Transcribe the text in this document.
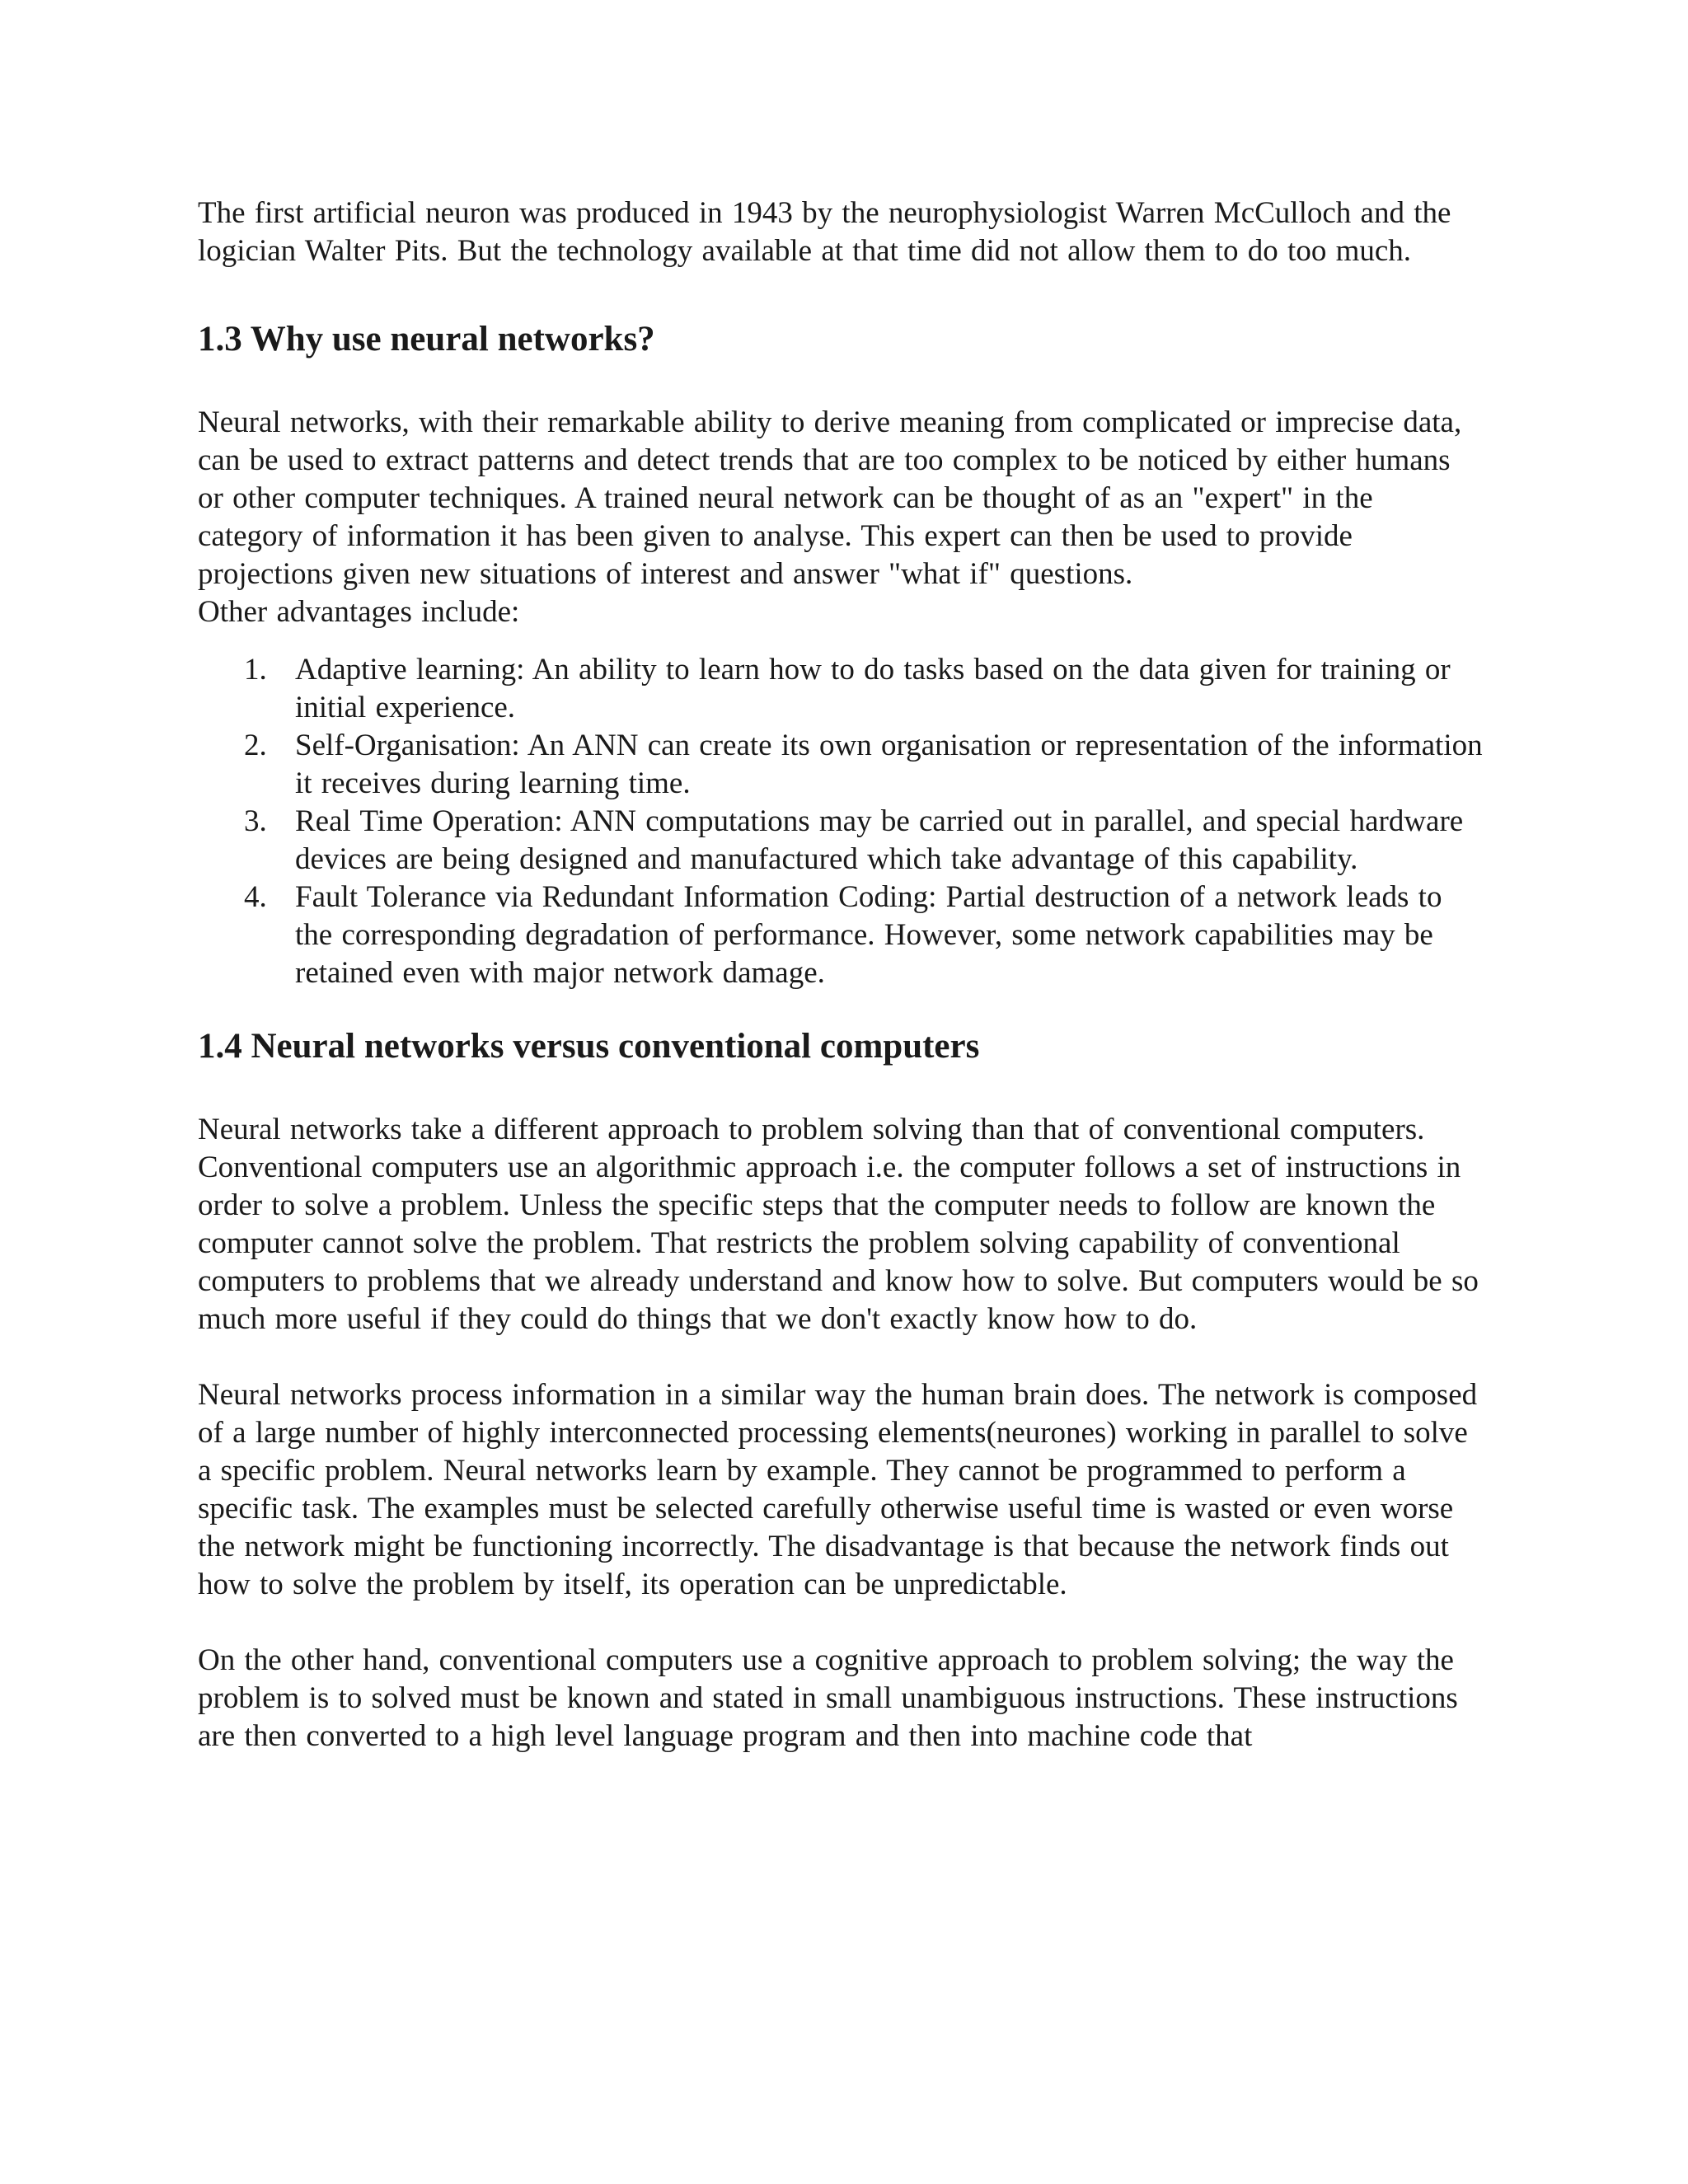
The first artificial neuron was produced in 1943 by the neurophysiologist Warren McCulloch and the logician Walter Pits. But the technology available at that time did not allow them to do too much.

1.3 Why use neural networks?

Neural networks, with their remarkable ability to derive meaning from complicated or imprecise data, can be used to extract patterns and detect trends that are too complex to be noticed by either humans or other computer techniques. A trained neural network can be thought of as an "expert" in the category of information it has been given to analyse. This expert can then be used to provide projections given new situations of interest and answer "what if" questions.

Other advantages include:

1. Adaptive learning: An ability to learn how to do tasks based on the data given for training or initial experience.
2. Self-Organisation: An ANN can create its own organisation or representation of the information it receives during learning time.
3. Real Time Operation: ANN computations may be carried out in parallel, and special hardware devices are being designed and manufactured which take advantage of this capability.
4. Fault Tolerance via Redundant Information Coding: Partial destruction of a network leads to the corresponding degradation of performance. However, some network capabilities may be retained even with major network damage.
1.4 Neural networks versus conventional computers

Neural networks take a different approach to problem solving than that of conventional computers. Conventional computers use an algorithmic approach i.e. the computer follows a set of instructions in order to solve a problem. Unless the specific steps that the computer needs to follow are known the computer cannot solve the problem. That restricts the problem solving capability of conventional computers to problems that we already understand and know how to solve. But computers would be so much more useful if they could do things that we don't exactly know how to do.

Neural networks process information in a similar way the human brain does. The network is composed of a large number of highly interconnected processing elements(neurones) working in parallel to solve a specific problem. Neural networks learn by example. They cannot be programmed to perform a specific task. The examples must be selected carefully otherwise useful time is wasted or even worse the network might be functioning incorrectly. The disadvantage is that because the network finds out how to solve the problem by itself, its operation can be unpredictable.

On the other hand, conventional computers use a cognitive approach to problem solving; the way the problem is to solved must be known and stated in small unambiguous instructions. These instructions are then converted to a high level language program and then into machine code that
